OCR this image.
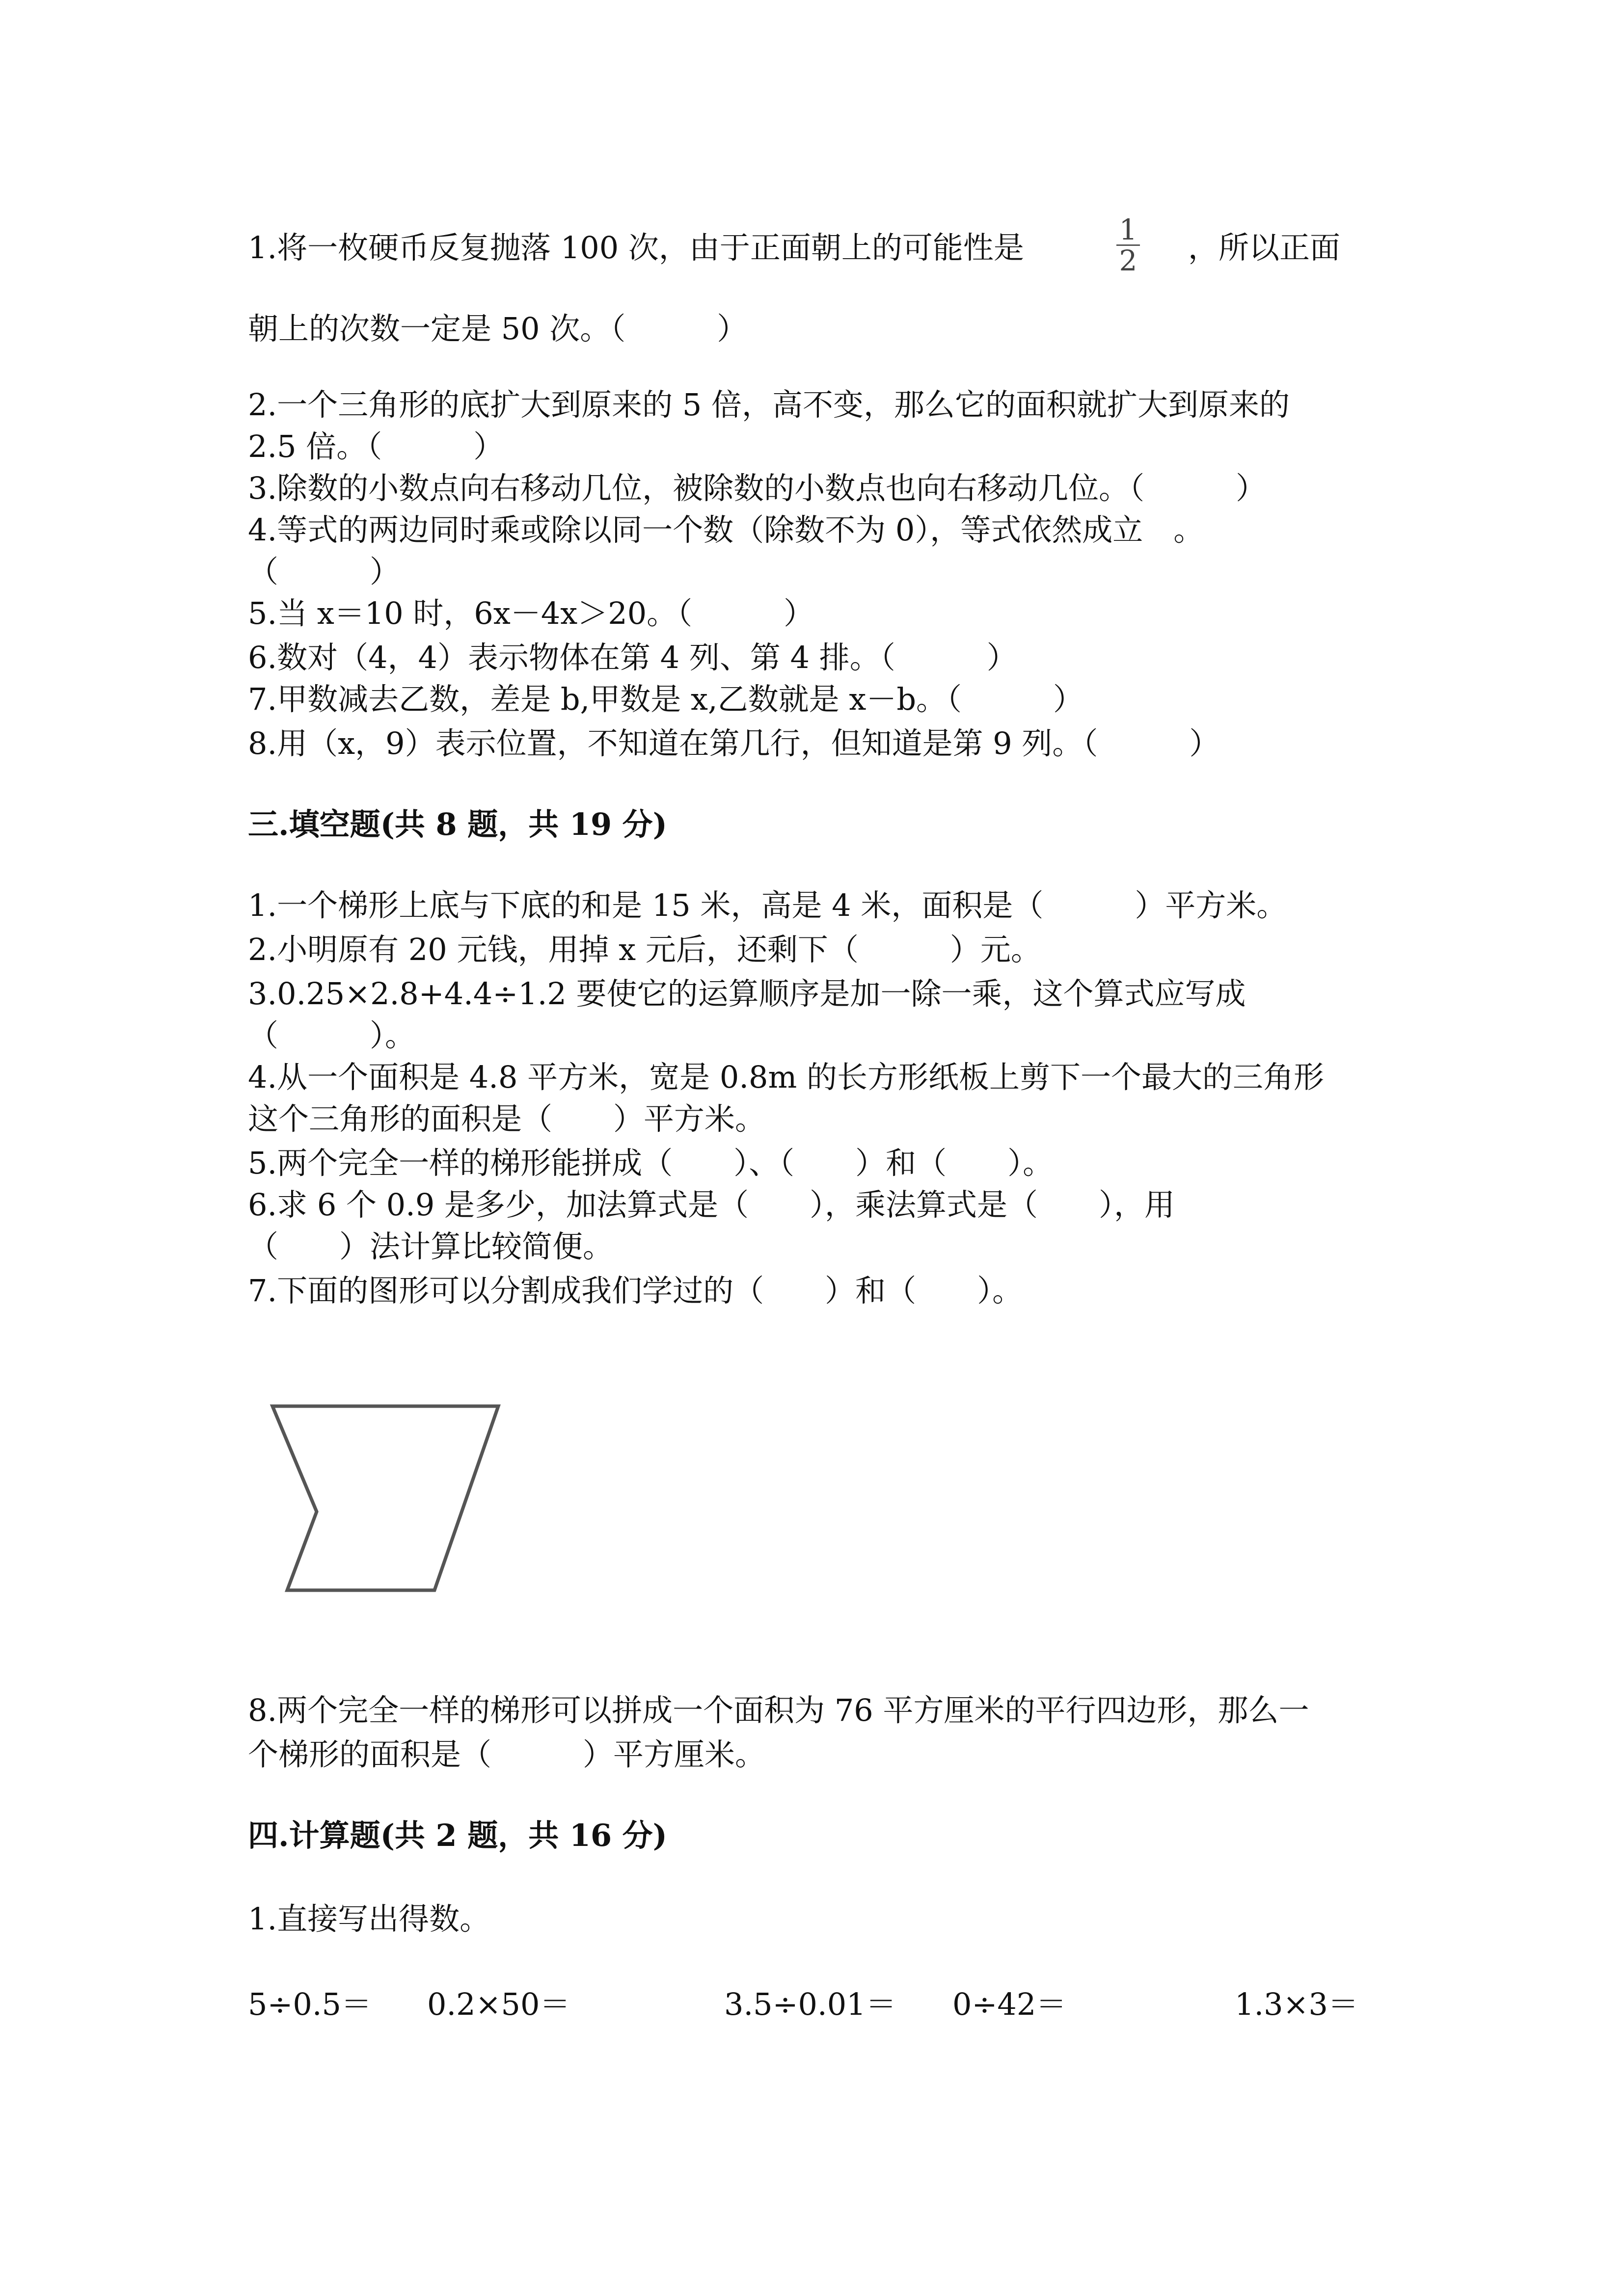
1.将一枚硬币反复抛落 100 次，由于正面朝上的可能性是	1
2 ，所以正面
朝上的次数一定是 50 次。（　　　）
2.一个三角形的底扩大到原来的 5 倍，高不变，那么它的面积就扩大到原来的
2.5 倍。（　　　）
3.除数的小数点向右移动几位，被除数的小数点也向右移动几位。（　　　）
4.等式的两边同时乘或除以同一个数（除数不为 0），等式依然成立　。
（　　　）
5.当 x＝10 时，6x－4x＞20。（　　　）
6.数对（4，4）表示物体在第 4 列、第 4 排。（　　　）
7.甲数减去乙数，差是 b,甲数是 x,乙数就是 x－b。（　　　）
8.用（x，9）表示位置，不知道在第几行，但知道是第 9 列。（　　　）
三.填空题(共 8 题，共 19 分)
1.一个梯形上底与下底的和是 15 米，高是 4 米，面积是（　　　）平方米。
2.小明原有 20 元钱，用掉 x 元后，还剩下（　　　）元。
3.0.25×2.8+4.4÷1.2 要使它的运算顺序是加一除一乘，这个算式应写成
（　　　）。
4.从一个面积是 4.8 平方米，宽是 0.8m 的长方形纸板上剪下一个最大的三角形
这个三角形的面积是（　　）平方米。
5.两个完全一样的梯形能拼成（　　）、（　　）和（　　）。
6.求 6 个 0.9 是多少，加法算式是（　　），乘法算式是（　　），用
（　　）法计算比较简便。
7.下面的图形可以分割成我们学过的（　　）和（　　）。
8.两个完全一样的梯形可以拼成一个面积为 76 平方厘米的平行四边形，那么一
个梯形的面积是（　　　）平方厘米。
四.计算题(共 2 题，共 16 分)
1.直接写出得数。
5÷0.5＝ 0.2×50＝	3.5÷0.01＝ 0÷42＝	1.3×3＝
